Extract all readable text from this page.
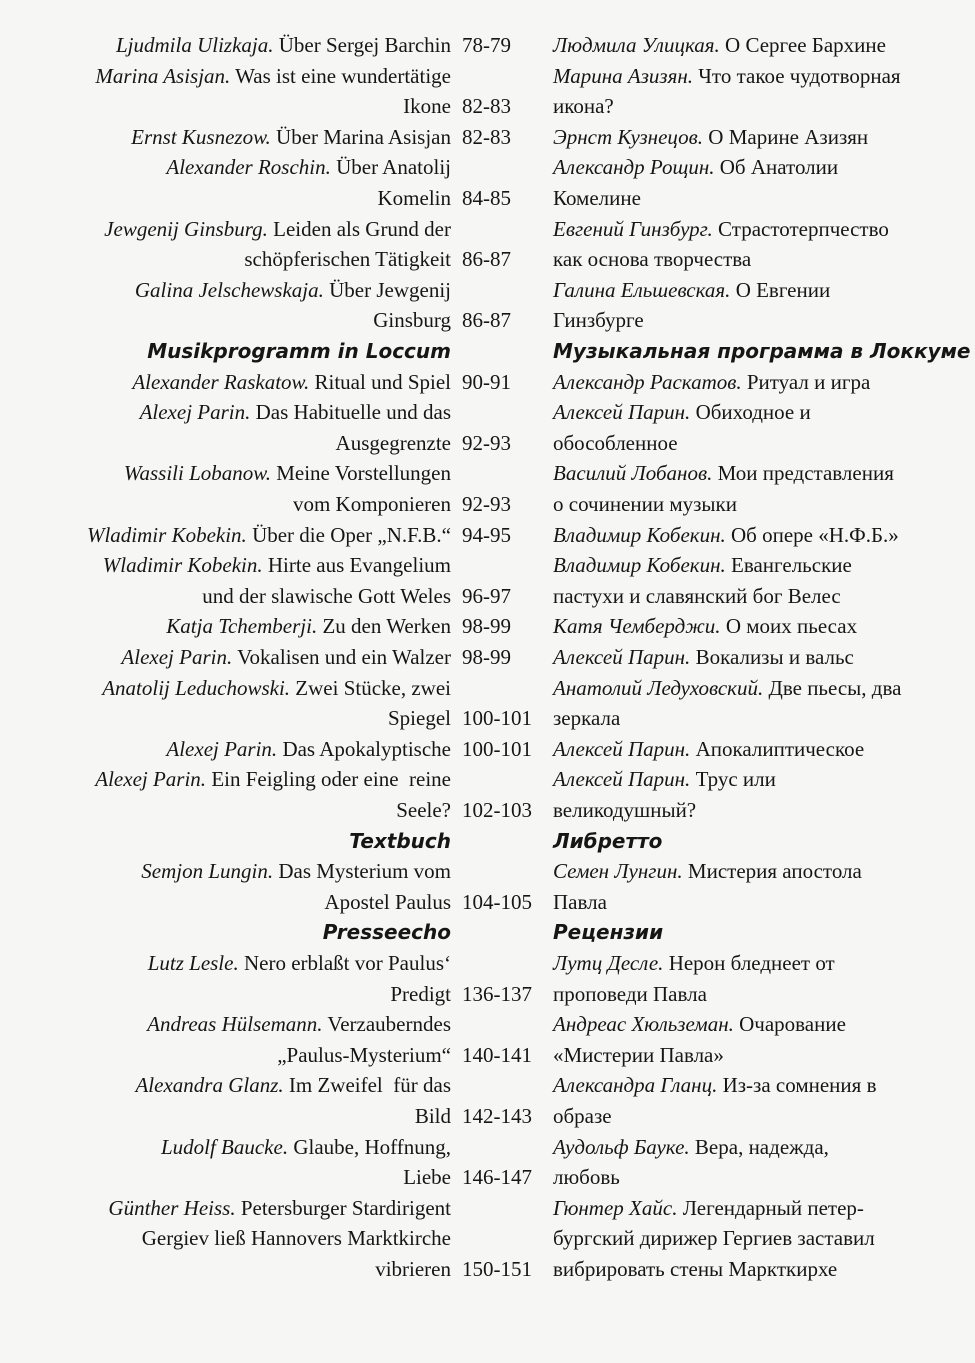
Ljudmila Ulizkaja. Über Sergej Barchin 78-79	Людмила Улицкая. О Сергее Бархине
Marina Asisjan. Was ist eine wundertätige	Марина Азизян. Что такое чудотворная
Ikone 82-83	икона?
Ernst Kusnezow. Über Marina Asisjan 82-83	Эрнст Кузнецов. О Марине Азизян
Alexander Roschin. Über Anatolij	Александр Рощин. Об Анатолии
Komelin 84-85	Комелине
Jewgenij Ginsburg. Leiden als Grund der	Евгений Гинзбург. Страстотерпчество
schöpferischen Tätigkeit 86-87	как основа творчества
Galina Jelschewskaja. Über Jewgenij	Галина Ельшевская. О Евгении
Ginsburg 86-87	Гинзбурге
Musikprogramm in Loccum	Музыкальная программа в Локкуме
Alexander Raskatow. Ritual und Spiel 90-91	Александр Раскатов. Ритуал и игра
Alexej Parin. Das Habituelle und das	Алексей Парин. Обиходное и
Ausgegrenzte 92-93	обособленное
Wassili Lobanow. Meine Vorstellungen	Василий Лобанов. Мои представления
vom Komponieren 92-93	о сочинении музыки
Wladimir Kobekin. Über die Oper „N.F.B.“ 94-95	Владимир Кобекин. Об опере «Н.Ф.Б.»
Wladimir Kobekin. Hirte aus Evangelium	Владимир Кобекин. Евангельские
und der slawische Gott Weles 96-97	пастухи и славянский бог Велес
Katja Tchemberji. Zu den Werken 98-99	Катя Чемберджи. О моих пьесах
Alexej Parin. Vokalisen und ein Walzer 98-99	Алексей Парин. Вокализы и вальс
Anatolij Leduchowski. Zwei Stücke, zwei	Анатолий Ледуховский. Две пьесы, два
Spiegel 100-101	зеркала
Alexej Parin. Das Apokalyptische 100-101	Алексей Парин. Апокалиптическое
Alexej Parin. Ein Feigling oder eine  reine	Алексей Парин. Трус или
Seele? 102-103	великодушный?
Textbuch	Либретто
Semjon Lungin. Das Mysterium vom	Семен Лунгин. Мистерия апостола
Apostel Paulus 104-105	Павла
Presseecho	Рецензии
Lutz Lesle. Nero erblaßt vor Paulus‘	Лутц Десле. Нерон бледнеет от
Predigt 136-137	проповеди Павла
Andreas Hülsemann. Verzauberndes	Андреас Хюльземан. Очарование
„Paulus-Mysterium“ 140-141	«Мистерии Павла»
Alexandra Glanz. Im Zweifel  für das	Александра Гланц. Из-за сомнения в
Bild 142-143	образе
Ludolf Baucke. Glaube, Hoffnung,	Аудольф Бауке. Вера, надежда,
Liebe 146-147	любовь
Günther Heiss. Petersburger Stardirigent	Гюнтер Хайс. Легендарный петер-
Gergiev ließ Hannovers Marktkirche	бургский дирижер Гергиев заставил
vibrieren 150-151	вибрировать стены Маркткирхе
